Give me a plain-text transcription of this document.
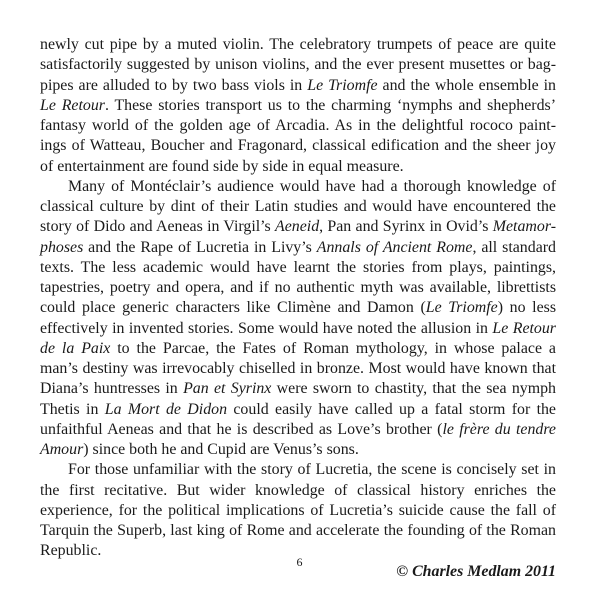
newly cut pipe by a muted violin. The celebratory trumpets of peace are quite satisfactorily suggested by unison violins, and the ever present musettes or bag-pipes are alluded to by two bass viols in Le Triomfe and the whole ensemble in Le Retour. These stories transport us to the charming ‘nymphs and shepherds’ fantasy world of the golden age of Arcadia. As in the delightful rococo paint-ings of Watteau, Boucher and Fragonard, classical edification and the sheer joy of entertainment are found side by side in equal measure.

Many of Montéclair’s audience would have had a thorough knowledge of classical culture by dint of their Latin studies and would have encountered the story of Dido and Aeneas in Virgil’s Aeneid, Pan and Syrinx in Ovid’s Metamor-phoses and the Rape of Lucretia in Livy’s Annals of Ancient Rome, all standard texts. The less academic would have learnt the stories from plays, paintings, tapestries, poetry and opera, and if no authentic myth was available, librettists could place generic characters like Climène and Damon (Le Triomfe) no less effectively in invented stories. Some would have noted the allusion in Le Retour de la Paix to the Parcae, the Fates of Roman mythology, in whose palace a man’s destiny was irrevocably chiselled in bronze. Most would have known that Diana’s huntresses in Pan et Syrinx were sworn to chastity, that the sea nymph Thetis in La Mort de Didon could easily have called up a fatal storm for the unfaithful Aeneas and that he is described as Love’s brother (le frère du tendre Amour) since both he and Cupid are Venus’s sons.

For those unfamiliar with the story of Lucretia, the scene is concisely set in the first recitative. But wider knowledge of classical history enriches the experience, for the political implications of Lucretia’s suicide cause the fall of Tarquin the Superb, last king of Rome and accelerate the founding of the Roman Republic.

© Charles Medlam 2011

6
